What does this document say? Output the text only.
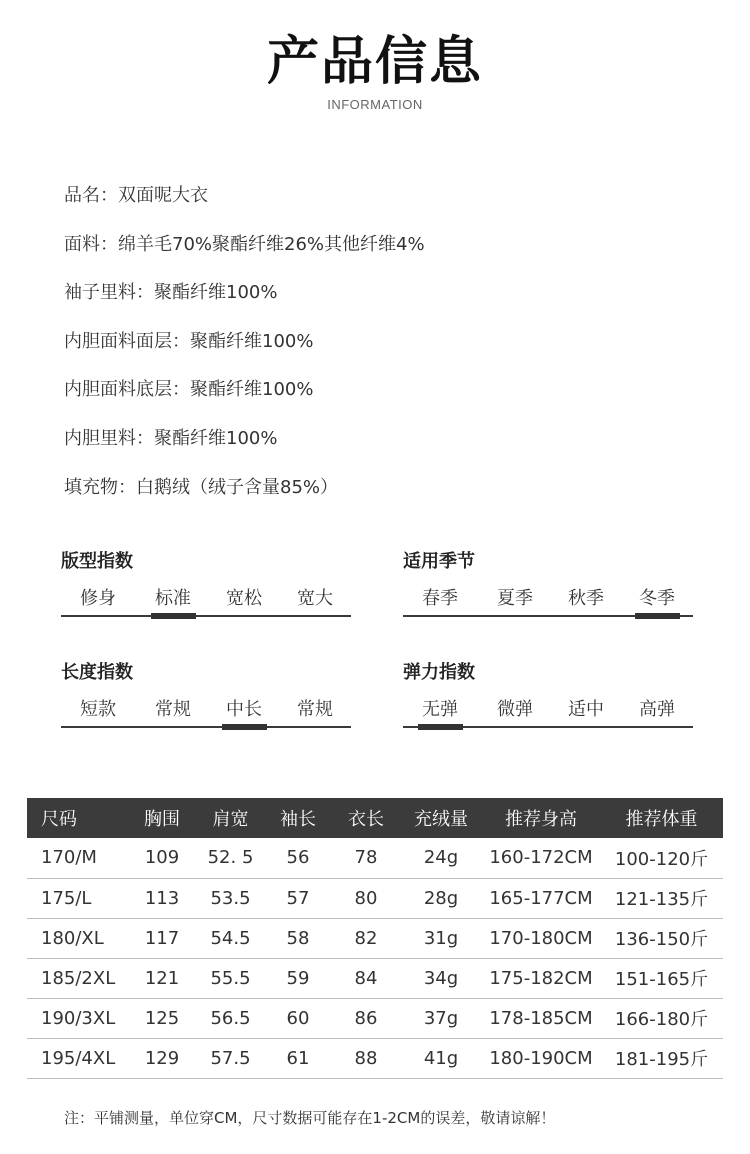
产品信息
INFORMATION
品名：双面呢大衣
面料：绵羊毛70%聚酯纤维26%其他纤维4%
袖子里料：聚酯纤维100%
内胆面料面层：聚酯纤维100%
内胆面料底层：聚酯纤维100%
内胆里料：聚酯纤维100%
填充物：白鹅绒（绒子含量85%）
版型指数
修身	标准	宽松	宽大
适用季节
春季	夏季	秋季	冬季
长度指数
短款	常规	中长	常规
弹力指数
无弹	微弹	适中	高弹
尺码	胸围	肩宽	袖长	衣长	充绒量	推荐身高	推荐体重
170/M	109	52. 5	56	78	24g	160-172CM	100-120斤
175/L	113	53.5	57	80	28g	165-177CM	121-135斤
180/XL	117	54.5	58	82	31g	170-180CM	136-150斤
185/2XL	121	55.5	59	84	34g	175-182CM	151-165斤
190/3XL	125	56.5	60	86	37g	178-185CM	166-180斤
195/4XL	129	57.5	61	88	41g	180-190CM	181-195斤
注：平铺测量，单位穿CM，尺寸数据可能存在1-2CM的误差，敬请谅解！
